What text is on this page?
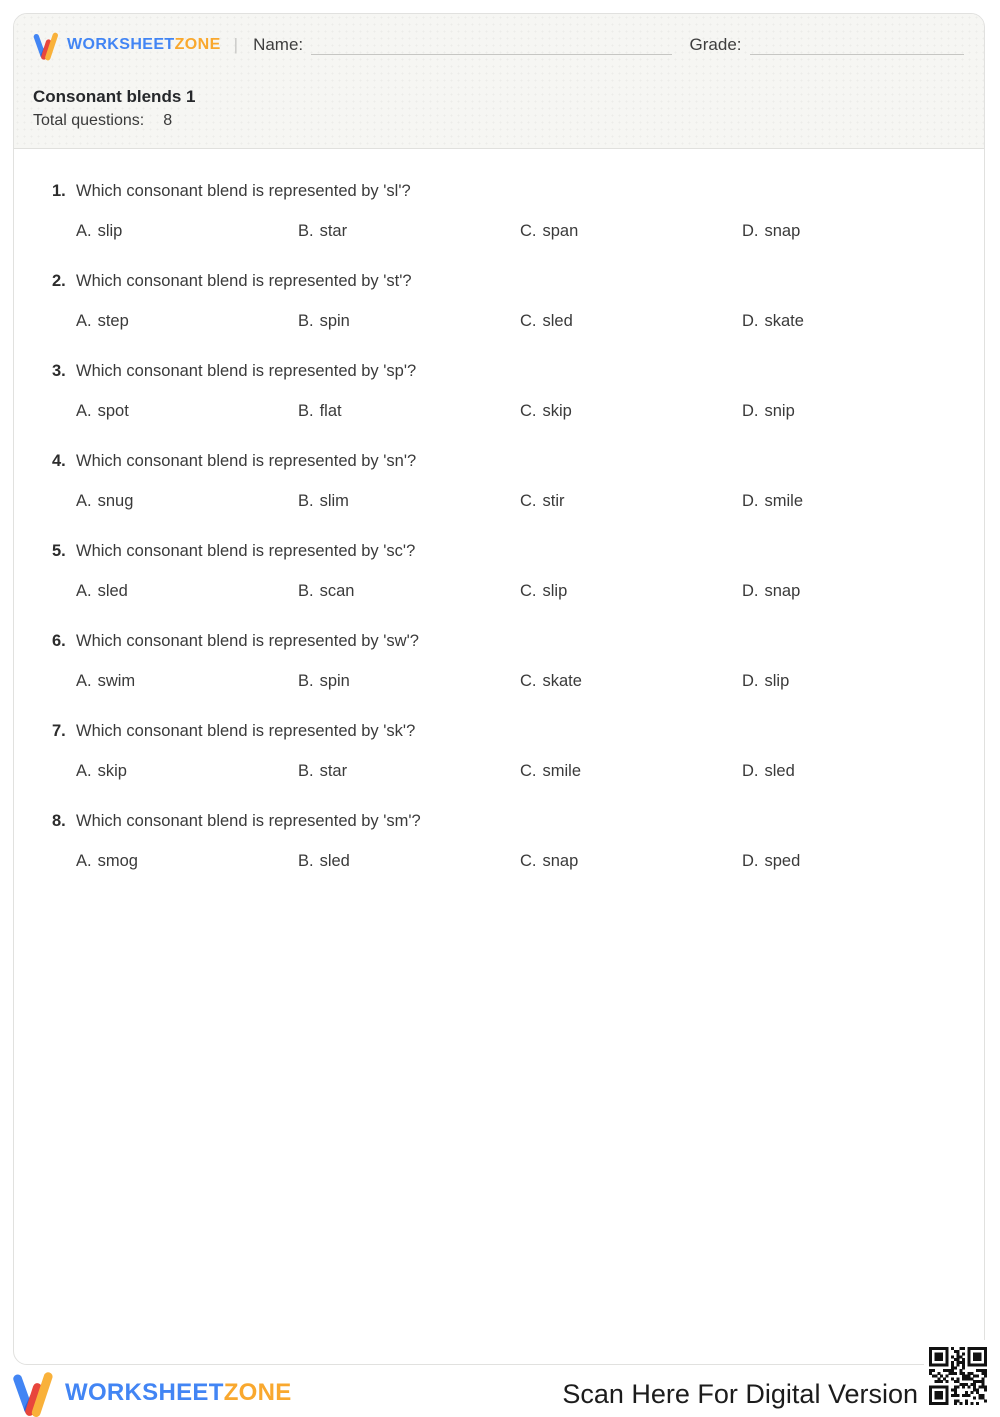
WORKSHEETZONE | Name:	Grade:
Consonant blends 1
Total questions: 8
1. Which consonant blend is represented by 'sl'?
A. slip	B. star	C. span	D. snap
2. Which consonant blend is represented by 'st'?
A. step	B. spin	C. sled	D. skate
3. Which consonant blend is represented by 'sp'?
A. spot	B. flat	C. skip	D. snip
4. Which consonant blend is represented by 'sn'?
A. snug	B. slim	C. stir	D. smile
5. Which consonant blend is represented by 'sc'?
A. sled	B. scan	C. slip	D. snap
6. Which consonant blend is represented by 'sw'?
A. swim	B. spin	C. skate	D. slip
7. Which consonant blend is represented by 'sk'?
A. skip	B. star	C. smile	D. sled
8. Which consonant blend is represented by 'sm'?
A. smog	B. sled	C. snap	D. sped
WORKSHEETZONE	Scan Here For Digital Version
